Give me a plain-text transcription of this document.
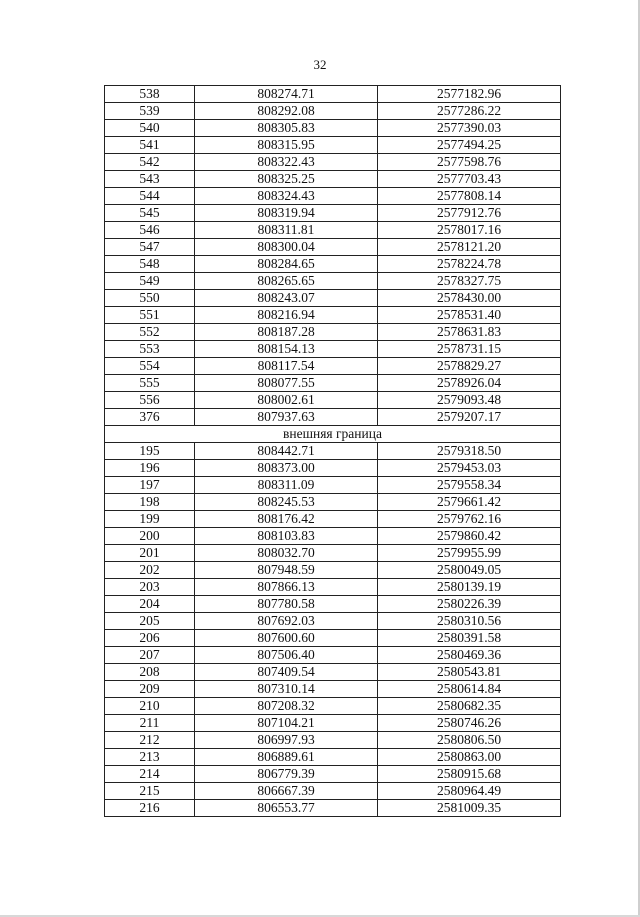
32
538	808274.71	2577182.96
539	808292.08	2577286.22
540	808305.83	2577390.03
541	808315.95	2577494.25
542	808322.43	2577598.76
543	808325.25	2577703.43
544	808324.43	2577808.14
545	808319.94	2577912.76
546	808311.81	2578017.16
547	808300.04	2578121.20
548	808284.65	2578224.78
549	808265.65	2578327.75
550	808243.07	2578430.00
551	808216.94	2578531.40
552	808187.28	2578631.83
553	808154.13	2578731.15
554	808117.54	2578829.27
555	808077.55	2578926.04
556	808002.61	2579093.48
376	807937.63	2579207.17
внешняя граница		
195	808442.71	2579318.50
196	808373.00	2579453.03
197	808311.09	2579558.34
198	808245.53	2579661.42
199	808176.42	2579762.16
200	808103.83	2579860.42
201	808032.70	2579955.99
202	807948.59	2580049.05
203	807866.13	2580139.19
204	807780.58	2580226.39
205	807692.03	2580310.56
206	807600.60	2580391.58
207	807506.40	2580469.36
208	807409.54	2580543.81
209	807310.14	2580614.84
210	807208.32	2580682.35
211	807104.21	2580746.26
212	806997.93	2580806.50
213	806889.61	2580863.00
214	806779.39	2580915.68
215	806667.39	2580964.49
216	806553.77	2581009.35
